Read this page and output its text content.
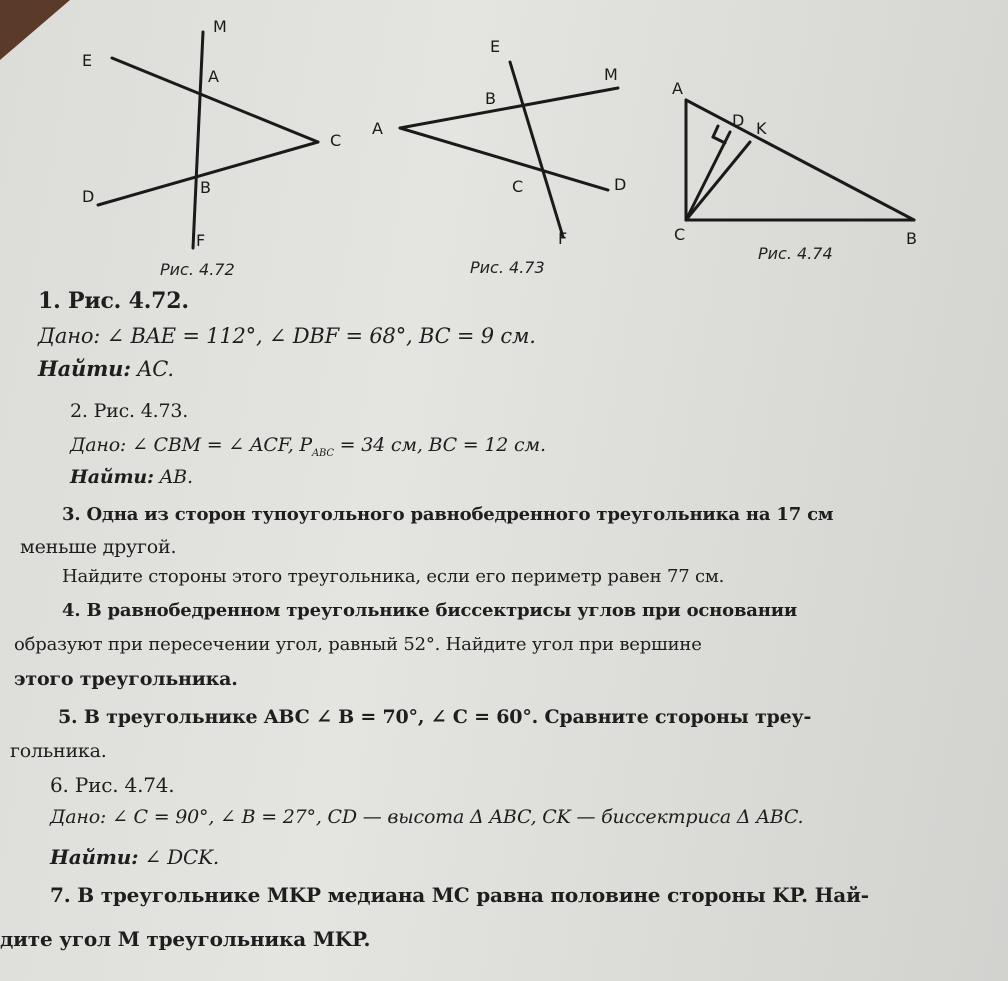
M
E
A
C
D	B
F
Рис. 4.72
E
M
B
A
C	D
F
Рис. 4.73
A
D K
C	B
Рис. 4.74
1. Рис. 4.72.
Дано: ∠ BAE = 112°, ∠ DBF = 68°, BC = 9 см.
Найти: AC.
2. Рис. 4.73.
Дано: ∠ CBM = ∠ ACF, $P_{ABC} = 34$ см, BC = 12 см.
Найти: AB.
3. Одна из сторон тупоугольного равнобедренного треугольника на 17 см
меньше другой.
Найдите стороны этого треугольника, если его периметр равен 77 см.
4. В равнобедренном треугольнике биссектрисы углов при основании
образуют при пересечении угол, равный 52°. Найдите угол при вершине
этого треугольника.
5. В треугольнике ABC ∠ B = 70°, ∠ C = 60°. Сравните стороны треу-
гольника.
6. Рис. 4.74.
Дано: ∠ C = 90°, ∠ B = 27°, CD — высота Δ ABC, CK — биссектриса Δ ABC.
Найти: ∠ DCK.
7. В треугольнике MKP медиана MC равна половине стороны KP. Най-
дите угол M треугольника MKP.
